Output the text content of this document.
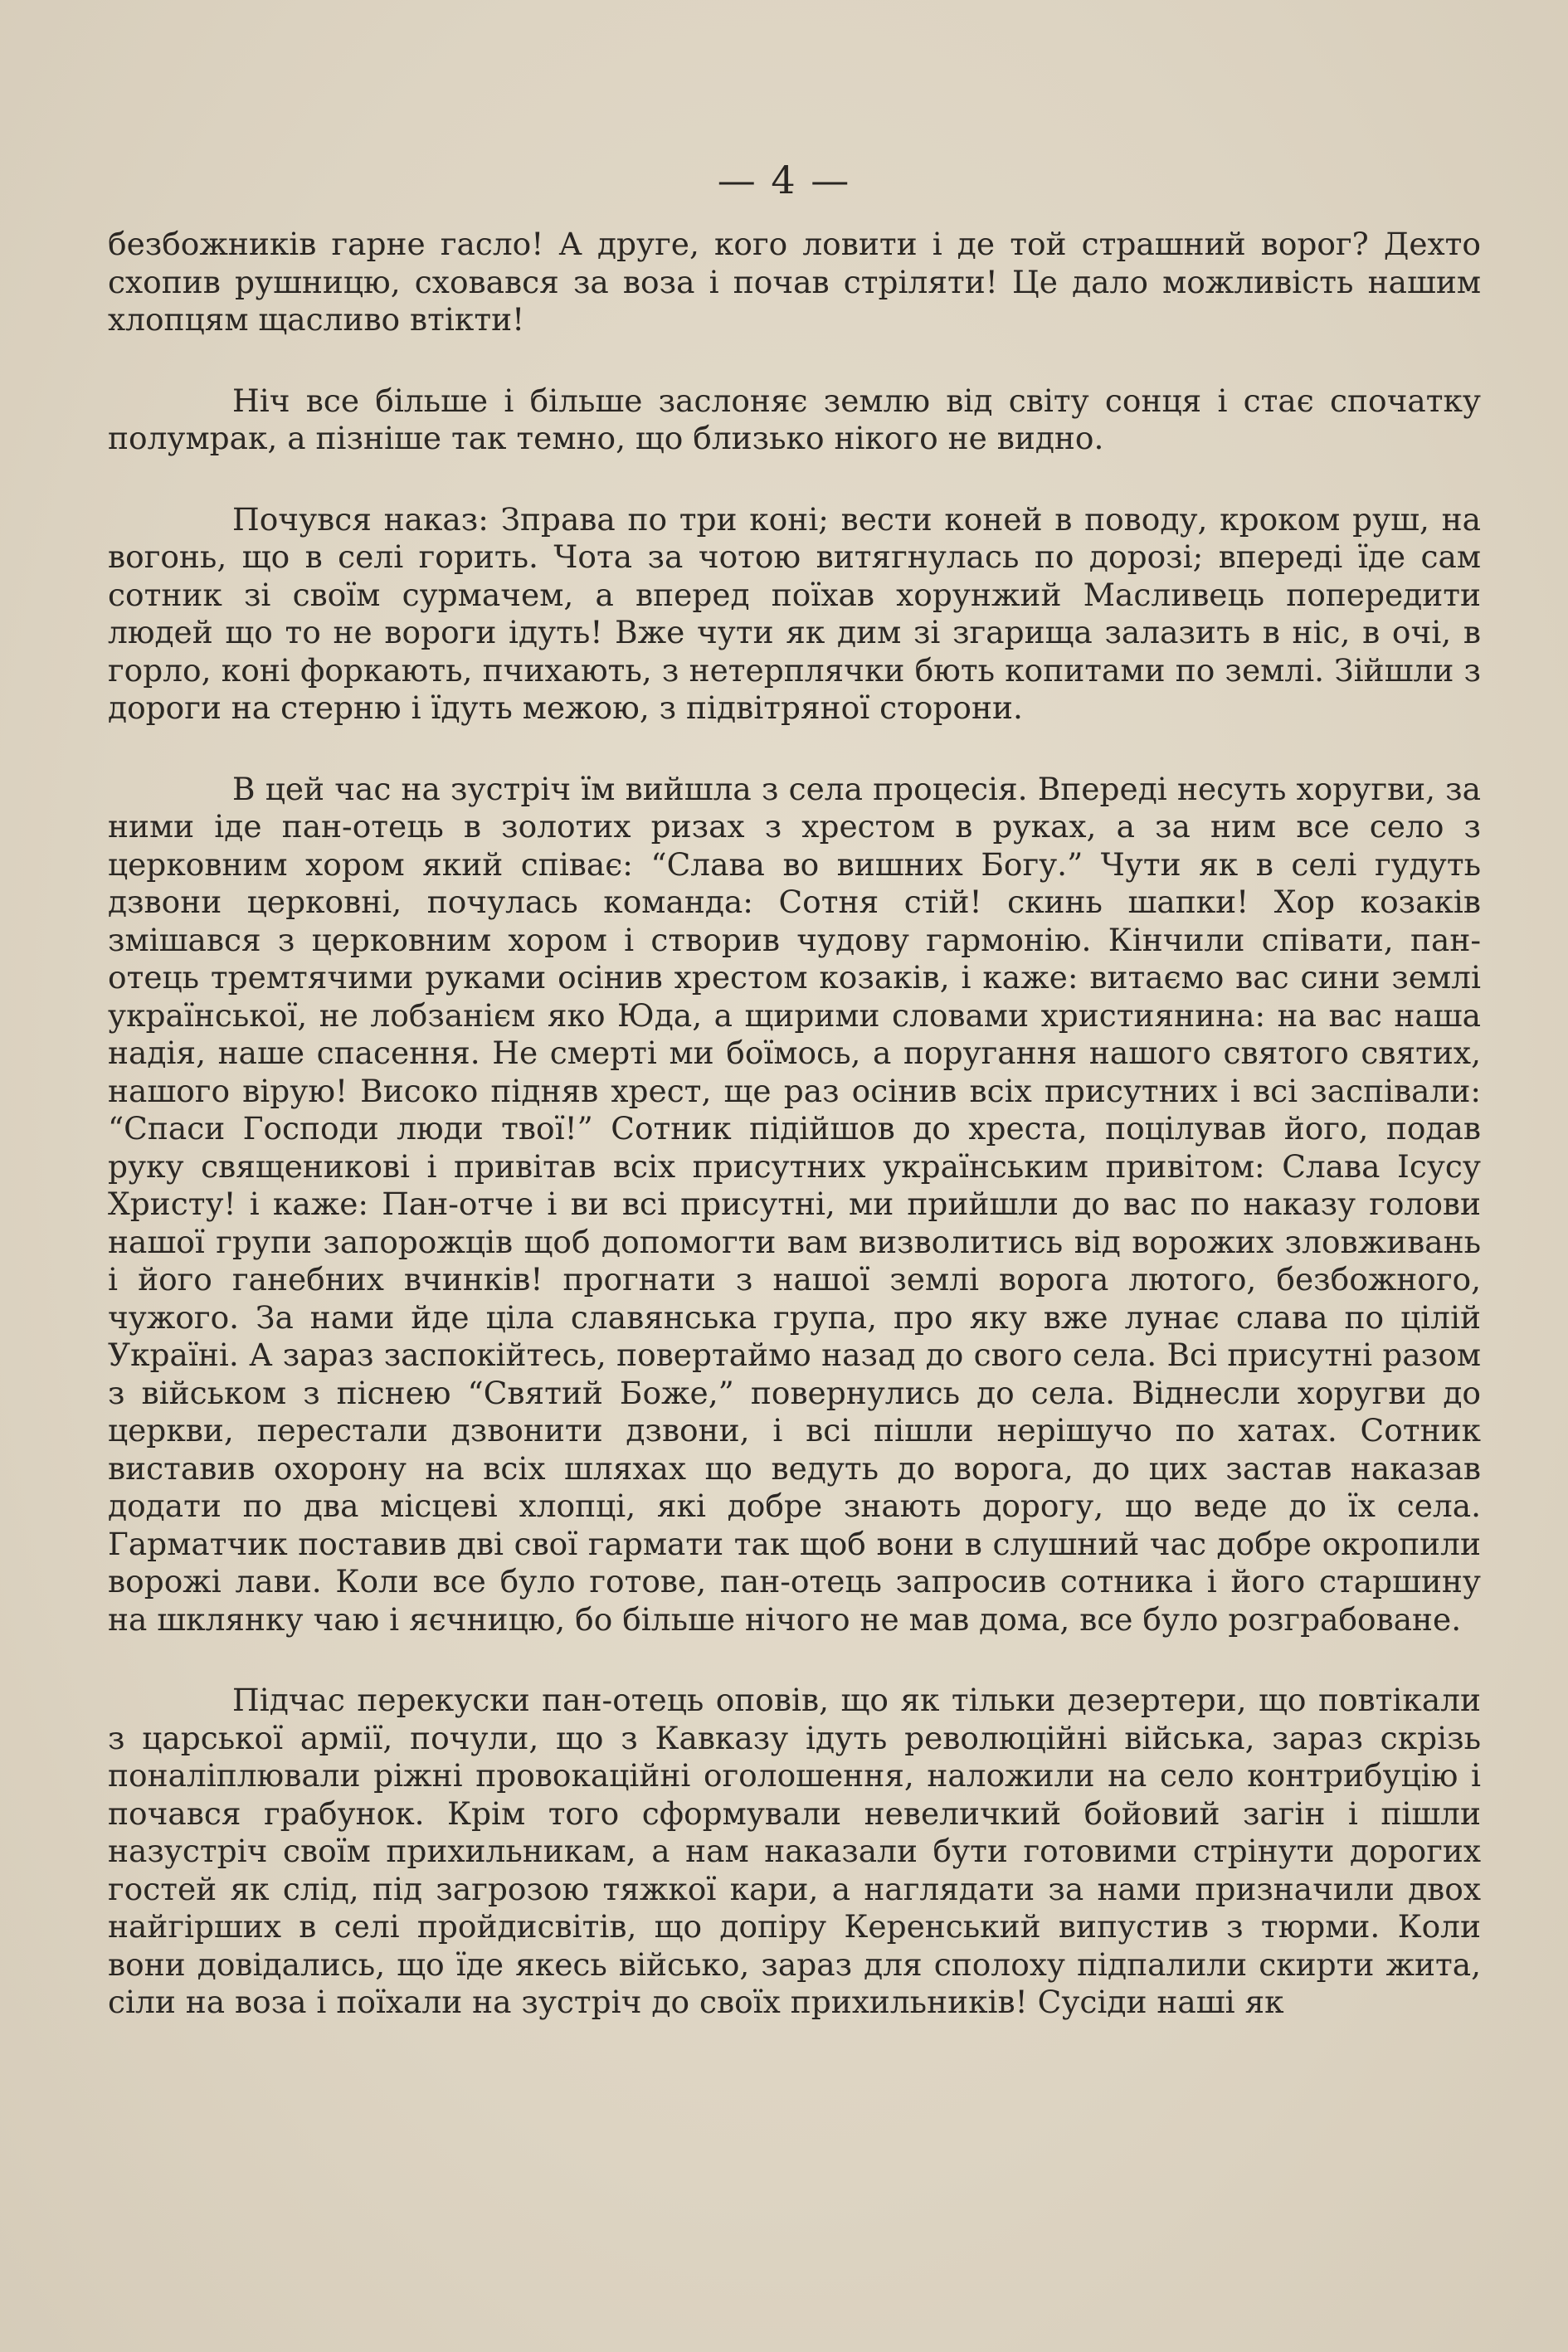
— 4 —

безбожників гарне гасло! А друге, кого ловити і де той страшний ворог? Дехто схопив рушницю, сховався за воза і почав стріляти! Це дало можливість нашим хлопцям щасливо втікти!

Ніч все більше і більше заслоняє землю від світу сонця і стає спочатку полумрак, а пізніше так темно, що близько нікого не видно.

Почувся наказ: Зправа по три коні; вести коней в поводу, кроком руш, на вогонь, що в селі горить. Чота за чотою витягнулась по дорозі; впереді їде сам сотник зі своїм сурмачем, а вперед поїхав хорунжий Масливець попередити людей що то не вороги ідуть! Вже чути як дим зі згарища залазить в ніс, в очі, в горло, коні форкають, пчихають, з нетерплячки бють копитами по землі. Зійшли з дороги на стерню і їдуть межою, з підвітряної сторони.

В цей час на зустріч їм вийшла з села процесія. Впереді несуть хоругви, за ними іде пан-отець в золотих ризах з хрестом в руках, а за ним все село з церковним хором який співає: “Слава во вишних Богу.” Чути як в селі гудуть дзвони церковні, почулась команда: Сотня стій! скинь шапки! Хор козаків змішався з церковним хором і створив чудову гармонію. Кінчили співати, пан-отець тремтячими руками осінив хрестом козаків, і каже: витаємо вас сини землі української, не лобзанієм яко Юда, а щирими словами християнина: на вас наша надія, наше спасення. Не смерті ми боїмось, а поругання нашого святого святих, нашого вірую! Високо підняв хрест, ще раз осінив всіх присутних і всі заспівали: “Спаси Господи люди твої!” Сотник підійшов до хреста, поцілував його, подав руку священикові і привітав всіх присутних українським привітом: Слава Ісусу Христу! і каже: Пан-отче і ви всі присутні, ми прийшли до вас по наказу голови нашої групи запорожців щоб допомогти вам визволитись від ворожих зловживань і його ганебних вчинків! прогнати з нашої землі ворога лютого, безбожного, чужого. За нами йде ціла славянська група, про яку вже лунає слава по цілій Україні. А зараз заспокійтесь, повертаймо назад до свого села. Всі присутні разом з військом з піснею “Святий Боже,” повернулись до села. Віднесли хоругви до церкви, перестали дзвонити дзвони, і всі пішли нерішучо по хатах. Сотник виставив охорону на всіх шляхах що ведуть до ворога, до цих застав наказав додати по два місцеві хлопці, які добре знають дорогу, що веде до їх села. Гарматчик поставив дві свої гармати так щоб вони в слушний час добре окропили ворожі лави. Коли все було готове, пан-отець запросив сотника і його старшину на шклянку чаю і яєчницю, бо більше нічого не мав дома, все було розграбоване.

Підчас перекуски пан-отець оповів, що як тільки дезертери, що повтікали з царської армії, почули, що з Кавказу ідуть революційні війська, зараз скрізь поналіплювали ріжні провокаційні оголошення, наложили на село контрибуцію і почався грабунок. Крім того сформували невеличкий бойовий загін і пішли назустріч своїм прихильникам, а нам наказали бути готовими стрінути дорогих гостей як слід, під загрозою тяжкої кари, а наглядати за нами призначили двох найгірших в селі пройдисвітів, що допіру Керенський випустив з тюрми. Коли вони довідались, що їде якесь військо, зараз для сполоху підпалили скирти жита, сіли на воза і поїхали на зустріч до своїх прихильників! Сусіди наші як
